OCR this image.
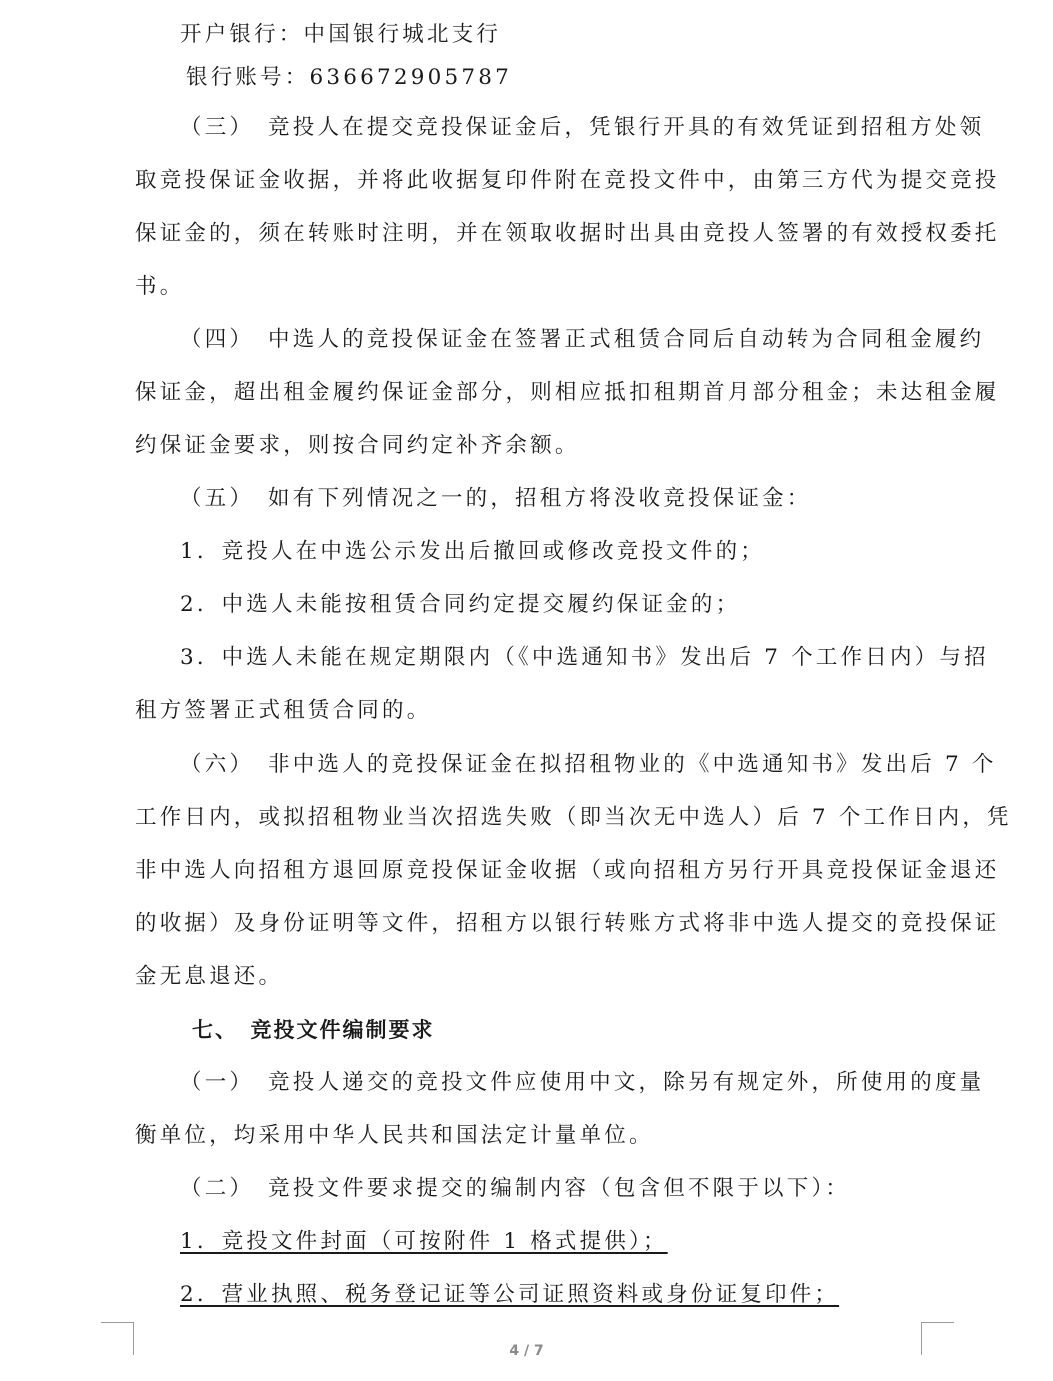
开户银行：中国银行城北支行
银行账号：636672905787
（三）　竞投人在提交竞投保证金后，凭银行开具的有效凭证到招租方处领
取竞投保证金收据，并将此收据复印件附在竞投文件中，由第三方代为提交竞投
保证金的，须在转账时注明，并在领取收据时出具由竞投人签署的有效授权委托
书。
（四）　中选人的竞投保证金在签署正式租赁合同后自动转为合同租金履约
保证金，超出租金履约保证金部分，则相应抵扣租期首月部分租金；未达租金履
约保证金要求，则按合同约定补齐余额。
（五）　如有下列情况之一的，招租方将没收竞投保证金：
1．竞投人在中选公示发出后撤回或修改竞投文件的；
2．中选人未能按租赁合同约定提交履约保证金的；
3．中选人未能在规定期限内（《中选通知书》发出后 7 个工作日内）与招
租方签署正式租赁合同的。
（六）　非中选人的竞投保证金在拟招租物业的《中选通知书》发出后 7 个
工作日内，或拟招租物业当次招选失败（即当次无中选人）后 7 个工作日内，凭
非中选人向招租方退回原竞投保证金收据（或向招租方另行开具竞投保证金退还
的收据）及身份证明等文件，招租方以银行转账方式将非中选人提交的竞投保证
金无息退还。
七、　竞投文件编制要求
（一）　竞投人递交的竞投文件应使用中文，除另有规定外，所使用的度量
衡单位，均采用中华人民共和国法定计量单位。
（二）　竞投文件要求提交的编制内容（包含但不限于以下）：
1．竞投文件封面（可按附件 1 格式提供）；
2．营业执照、税务登记证等公司证照资料或身份证复印件；
4 / 7
